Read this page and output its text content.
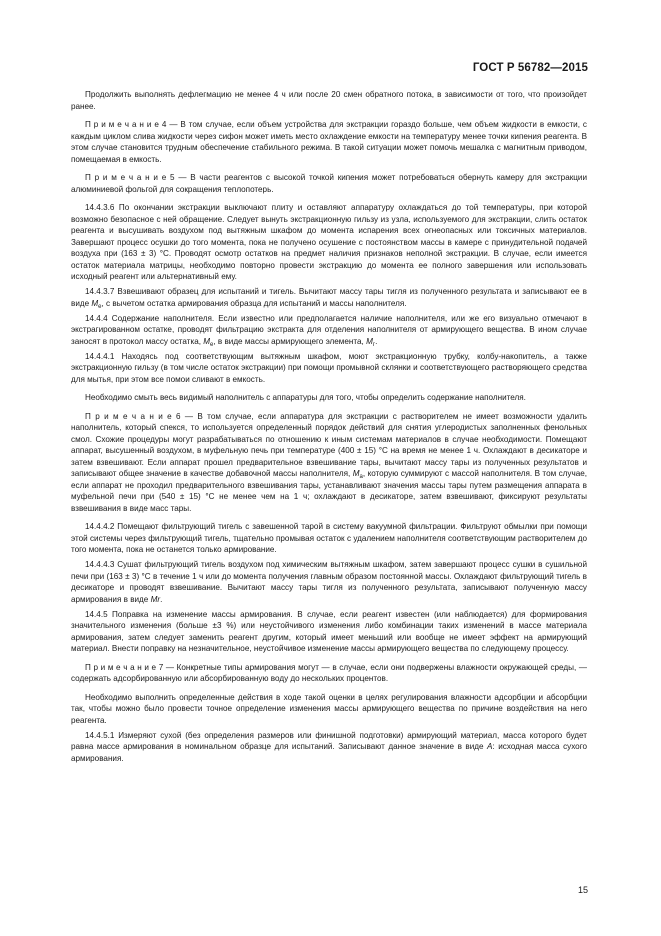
ГОСТ Р 56782—2015

Продолжить выполнять дефлегмацию не менее 4 ч или после 20 смен обратного потока, в зависимости от того, что произойдет ранее.

П р и м е ч а н и е 4 — В том случае, если объем устройства для экстракции гораздо больше, чем объем жидкости в емкости, с каждым циклом слива жидкости через сифон может иметь место охлаждение емкости на температуру менее точки кипения реагента. В этом случае становится трудным обеспечение стабильного режима. В такой ситуации может помочь мешалка с магнитным приводом, помещаемая в емкость.

П р и м е ч а н и е 5 — В части реагентов с высокой точкой кипения может потребоваться обернуть камеру для экстракции алюминиевой фольгой для сокращения теплопотерь.

14.4.3.6 По окончании экстракции выключают плиту и оставляют аппаратуру охлаждаться до той температуры, при которой возможно безопасное с ней обращение. Следует вынуть экстракционную гильзу из узла, используемого для экстракции, слить остаток реагента и высушивать воздухом под вытяжным шкафом до момента испарения всех огнеопасных или токсичных материалов. Завершают процесс осушки до того момента, пока не получено осушение с постоянством массы в камере с принудительной подачей воздуха при (163 ± 3) °С. Проводят осмотр остатков на предмет наличия признаков неполной экстракции. В случае, если имеется остаток материала матрицы, необходимо повторно провести экстракцию до момента ее полного завершения или использовать исходный реагент или альтернативный ему.

14.4.3.7 Взвешивают образец для испытаний и тигель. Вычитают массу тары тигля из полученного результата и записывают ее в виде $M_е$, с вычетом остатка армирования образца для испытаний и массы наполнителя.

14.4.4 Содержание наполнителя. Если известно или предполагается наличие наполнителя, или же его визуально отмечают в экстрагированном остатке, проводят фильтрацию экстракта для отделения наполнителя от армирующего вещества. В ином случае заносят в протокол массу остатка, $M_е$, в виде массы армирующего элемента, $M_г$.

14.4.4.1 Находясь под соответствующим вытяжным шкафом, моют экстракционную трубку, колбу-накопитель, а также экстракционную гильзу (в том числе остаток экстракции) при помощи промывной склянки и соответствующего растворяющего средства для мытья, при этом все помои сливают в емкость.

Необходимо смыть весь видимый наполнитель с аппаратуры для того, чтобы определить содержание наполнителя.

П р и м е ч а н и е 6 — В том случае, если аппаратура для экстракции с растворителем не имеет возможности удалить наполнитель, который спекся, то используется определенный порядок действий для снятия углеродистых заполненных фенольных смол. Схожие процедуры могут разрабатываться по отношению к иным системам материалов в случае необходимости. Помещают аппарат, высушенный воздухом, в муфельную печь при температуре (400 ± 15) °С на время не менее 1 ч. Охлаждают в десикаторе и затем взвешивают. Если аппарат прошел предварительное взвешивание тары, вычитают массу тары из полученных результатов и записывают общее значение в качестве добавочной массы наполнителя, $M_а$, которую суммируют с массой наполнителя. В том случае, если аппарат не проходил предварительного взвешивания тары, устанавливают значения массы тары путем размещения аппарата в муфельной печи при (540 ± 15) °С не менее чем на 1 ч; охлаждают в десикаторе, затем взвешивают, фиксируют результаты взвешивания в виде масс тары.

14.4.4.2 Помещают фильтрующий тигель с завешенной тарой в систему вакуумной фильтрации. Фильтруют обмылки при помощи этой системы через фильтрующий тигель, тщательно промывая остаток с удалением наполнителя соответствующим растворителем до того момента, пока не останется только армирование.

14.4.4.3 Сушат фильтрующий тигель воздухом под химическим вытяжным шкафом, затем завершают процесс сушки в сушильной печи при (163 ± 3) °С в течение 1 ч или до момента получения главным образом постоянной массы. Охлаждают фильтрующий тигель в десикаторе и проводят взвешивание. Вычитают массу тары тигля из полученного результата, записывают полученную массу армирования в виде Mr.

14.4.5 Поправка на изменение массы армирования. В случае, если реагент известен (или наблюдается) для формирования значительного изменения (больше ±3 %) или неустойчивого изменения либо комбинации таких изменений в массе материала армирования, затем следует заменить реагент другим, который имеет меньший или вообще не имеет эффект на армирующий материал. Внести поправку на незначительное, неустойчивое изменение массы армирующего вещества по следующему процессу.

П р и м е ч а н и е 7 — Конкретные типы армирования могут — в случае, если они подвержены влажности окружающей среды, — содержать адсорбированную или абсорбированную воду до нескольких процентов.

Необходимо выполнить определенные действия в ходе такой оценки в целях регулирования влажности адсорбции и абсорбции так, чтобы можно было провести точное определение изменения массы армирующего вещества по причине воздействия на него реагента.

14.4.5.1 Измеряют сухой (без определения размеров или финишной подготовки) армирующий материал, масса которого будет равна массе армирования в номинальном образце для испытаний. Записывают данное значение в виде A: исходная масса сухого армирования.

15
